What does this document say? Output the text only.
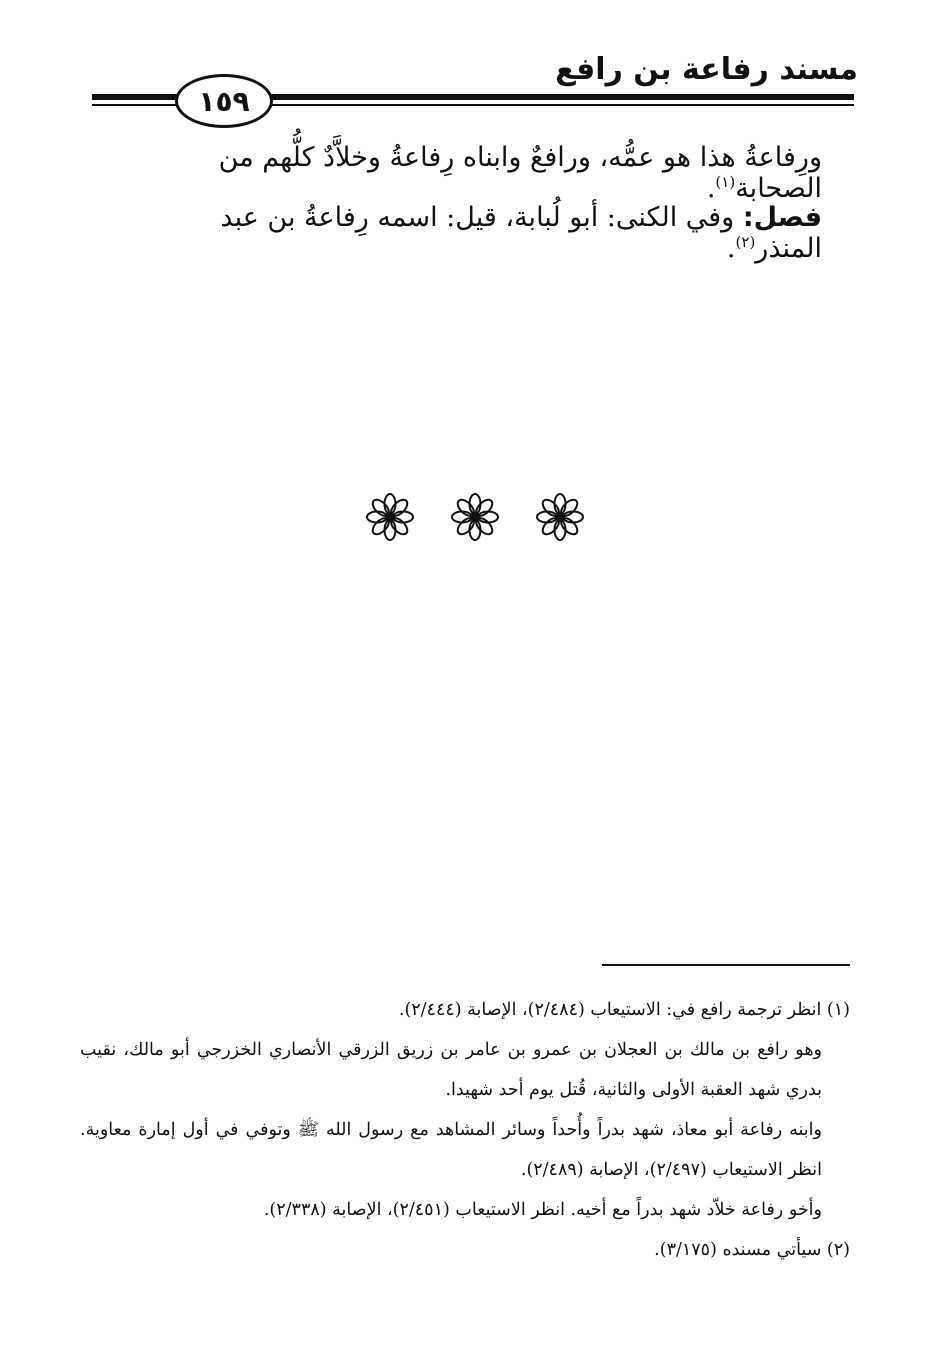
مسند رفاعة بن رافع
١٥٩
ورِفاعةُ هذا هو عمُّه، ورافعٌ وابناه رِفاعةُ وخلاَّدٌ كلُّهم من الصحابة$^{(١)}$.
فصل: وفي الكنى: أبو لُبابة، قيل: اسمه رِفاعةُ بن عبد المنذر$^{(٢)}$.

(١) انظر ترجمة رافع في: الاستيعاب (٢/٤٨٤)، الإصابة (٢/٤٤٤).

وهو رافع بن مالك بن العجلان بن عمرو بن عامر بن زريق الزرقي الأنصاري الخزرجي أبو مالك، نقيب بدري شهد العقبة الأولى والثانية، قُتل يوم أحد شهيدا.

وابنه رفاعة أبو معاذ، شهد بدراً وأُحداً وسائر المشاهد مع رسول الله ﷺ وتوفي في أول إمارة معاوية. انظر الاستيعاب (٢/٤٩٧)، الإصابة (٢/٤٨٩).

وأخو رفاعة خلاّد شهد بدراً مع أخيه. انظر الاستيعاب (٢/٤٥١)، الإصابة (٢/٣٣٨).

(٢) سيأتي مسنده (٣/١٧٥).
